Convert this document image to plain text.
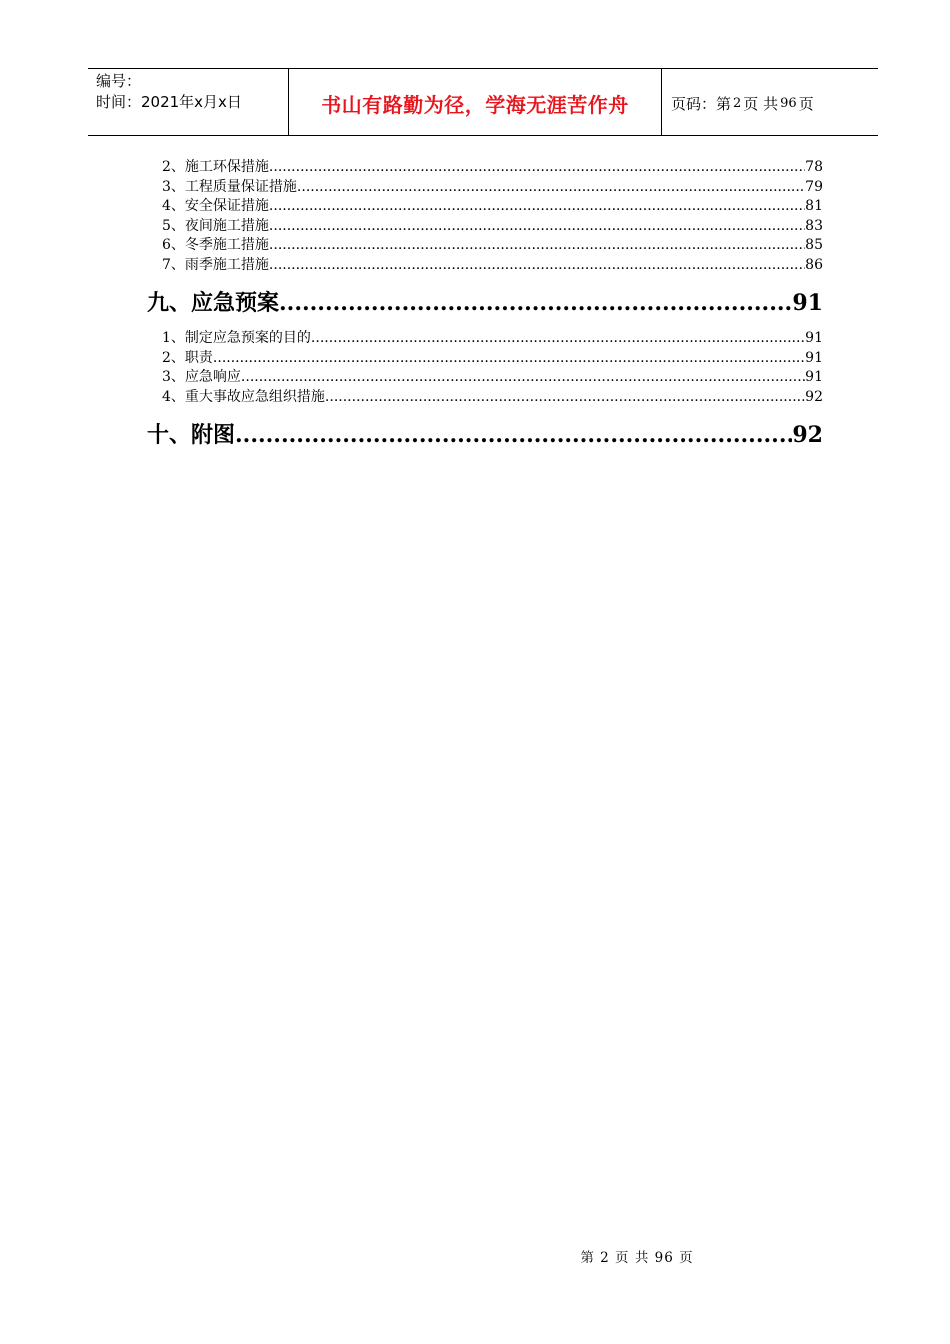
编号：
时间：2021年x月x日	书山有路勤为径，学海无涯苦作舟	页码：第 2 页 共 96 页
2、施工环保措施 .....	78
3、工程质量保证措施 .....	79
4、安全保证措施 .....	81
5、夜间施工措施 .....	83
6、冬季施工措施 .....	85
7、雨季施工措施 .....	86
九、应急预案 .....	91
1、制定应急预案的目的 .....	91
2、职责 .....	91
3、应急响应 .....	91
4、重大事故应急组织措施 .....	92
十、附图 .....	92
第 2 页 共 96 页
